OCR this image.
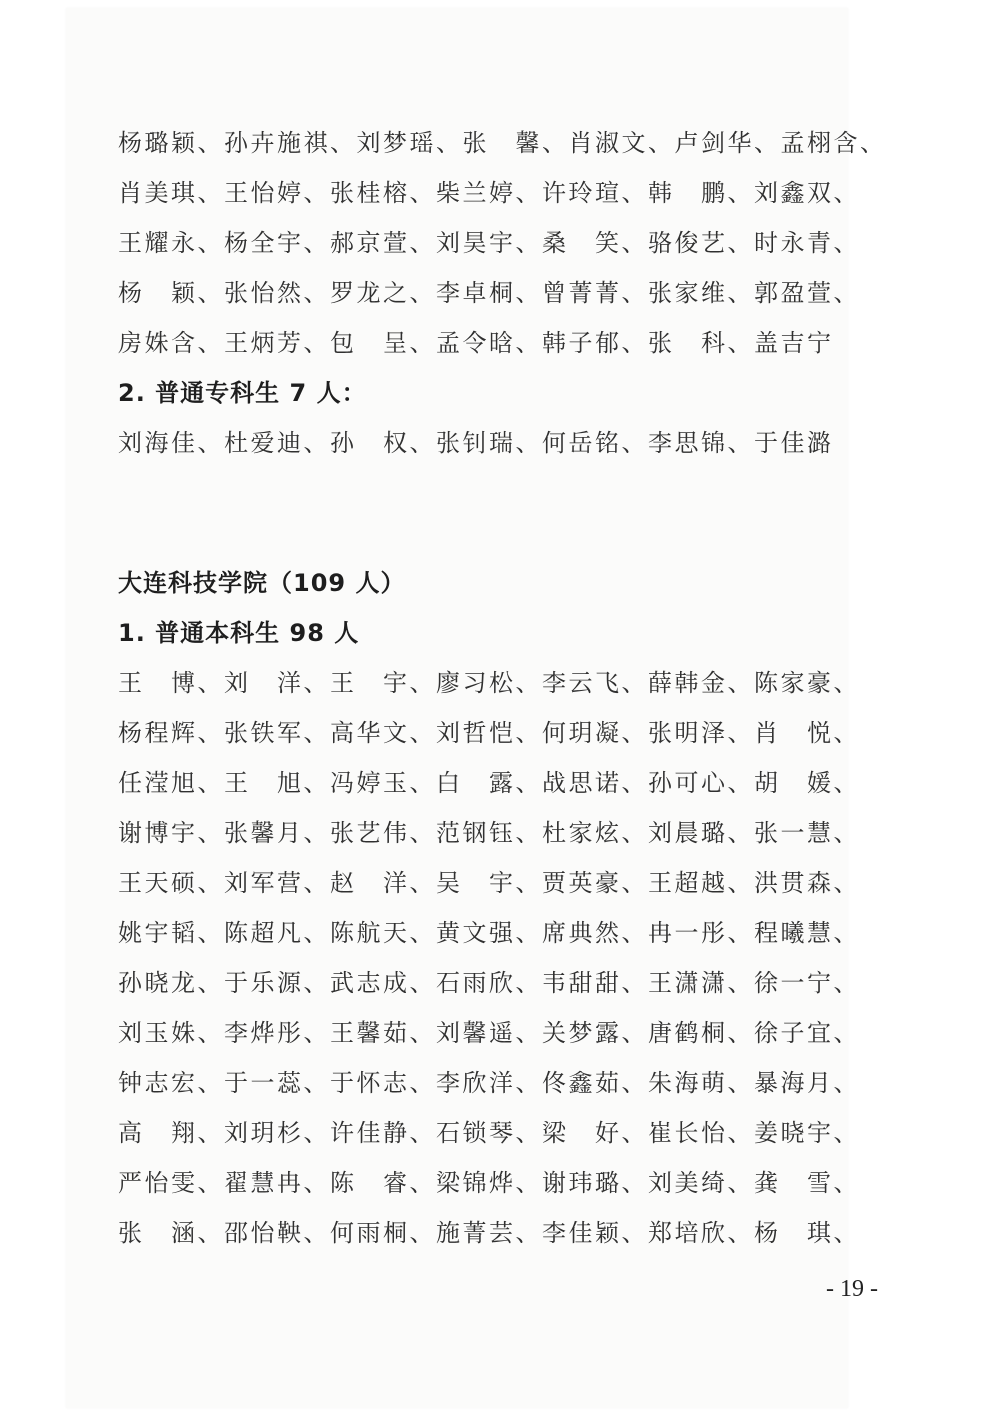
杨璐颖、孙卉施祺、刘梦瑶、张　馨、肖淑文、卢剑华、孟栩含、
肖美琪、王怡婷、张桂榕、柴兰婷、许玲瑄、韩　鹏、刘鑫双、
王耀永、杨全宇、郝京萱、刘昊宇、桑　笑、骆俊艺、时永青、
杨　颖、张怡然、罗龙之、李卓桐、曾菁菁、张家维、郭盈萱、
房姝含、王炳芳、包　呈、孟令晗、韩子郁、张　科、盖吉宁
2. 普通专科生 7 人：
刘海佳、杜爱迪、孙　权、张钊瑞、何岳铭、李思锦、于佳潞
大连科技学院（109 人）
1. 普通本科生 98 人
王　博、刘　洋、王　宇、廖习松、李云飞、薛韩金、陈家豪、
杨程辉、张铁军、高华文、刘哲恺、何玥凝、张明泽、肖　悦、
任滢旭、王　旭、冯婷玉、白　露、战思诺、孙可心、胡　媛、
谢博宇、张馨月、张艺伟、范钢钰、杜家炫、刘晨璐、张一慧、
王天硕、刘军营、赵　洋、吴　宇、贾英豪、王超越、洪贯森、
姚宇韬、陈超凡、陈航天、黄文强、席典然、冉一彤、程曦慧、
孙晓龙、于乐源、武志成、石雨欣、韦甜甜、王潇潇、徐一宁、
刘玉姝、李烨彤、王馨茹、刘馨遥、关梦露、唐鹤桐、徐子宜、
钟志宏、于一蕊、于怀志、李欣洋、佟鑫茹、朱海萌、暴海月、
高　翔、刘玥杉、许佳静、石锁琴、梁　好、崔长怡、姜晓宇、
严怡雯、翟慧冉、陈　睿、梁锦烨、谢玮璐、刘美绮、龚　雪、
张　涵、邵怡鞅、何雨桐、施菁芸、李佳颖、郑培欣、杨　琪、
- 19 -
